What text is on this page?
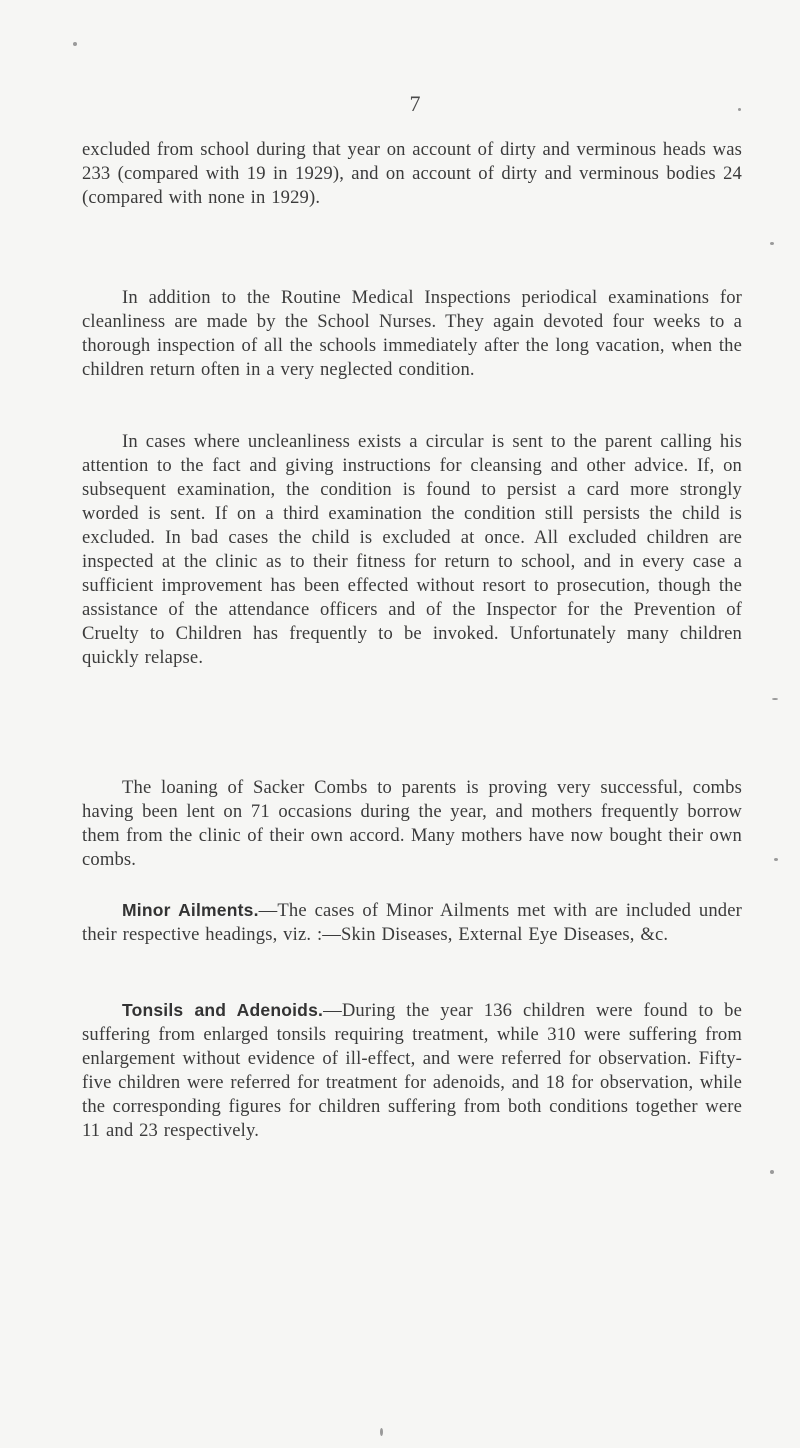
7

excluded from school during that year on account of dirty and verminous heads was 233 (compared with 19 in 1929), and on account of dirty and verminous bodies 24 (compared with none in 1929).

In addition to the Routine Medical Inspections periodical examinations for cleanliness are made by the School Nurses. They again devoted four weeks to a thorough inspection of all the schools immediately after the long vacation, when the children return often in a very neglected condition.

In cases where uncleanliness exists a circular is sent to the parent calling his attention to the fact and giving instructions for cleansing and other advice. If, on subsequent examination, the condition is found to persist a card more strongly worded is sent. If on a third examination the condition still persists the child is excluded. In bad cases the child is excluded at once. All excluded children are inspected at the clinic as to their fitness for return to school, and in every case a sufficient improvement has been effected without resort to prosecution, though the assistance of the attendance officers and of the Inspector for the Prevention of Cruelty to Children has frequently to be invoked. Unfortunately many children quickly relapse.

The loaning of Sacker Combs to parents is proving very successful, combs having been lent on 71 occasions during the year, and mothers frequently borrow them from the clinic of their own accord. Many mothers have now bought their own combs.

Minor Ailments.—The cases of Minor Ailments met with are included under their respective headings, viz. :—Skin Diseases, External Eye Diseases, &c.

Tonsils and Adenoids.—During the year 136 children were found to be suffering from enlarged tonsils requiring treatment, while 310 were suffering from enlargement without evidence of ill-effect, and were referred for observation. Fifty-five children were referred for treatment for adenoids, and 18 for observation, while the corresponding figures for children suffering from both conditions together were 11 and 23 respectively.
